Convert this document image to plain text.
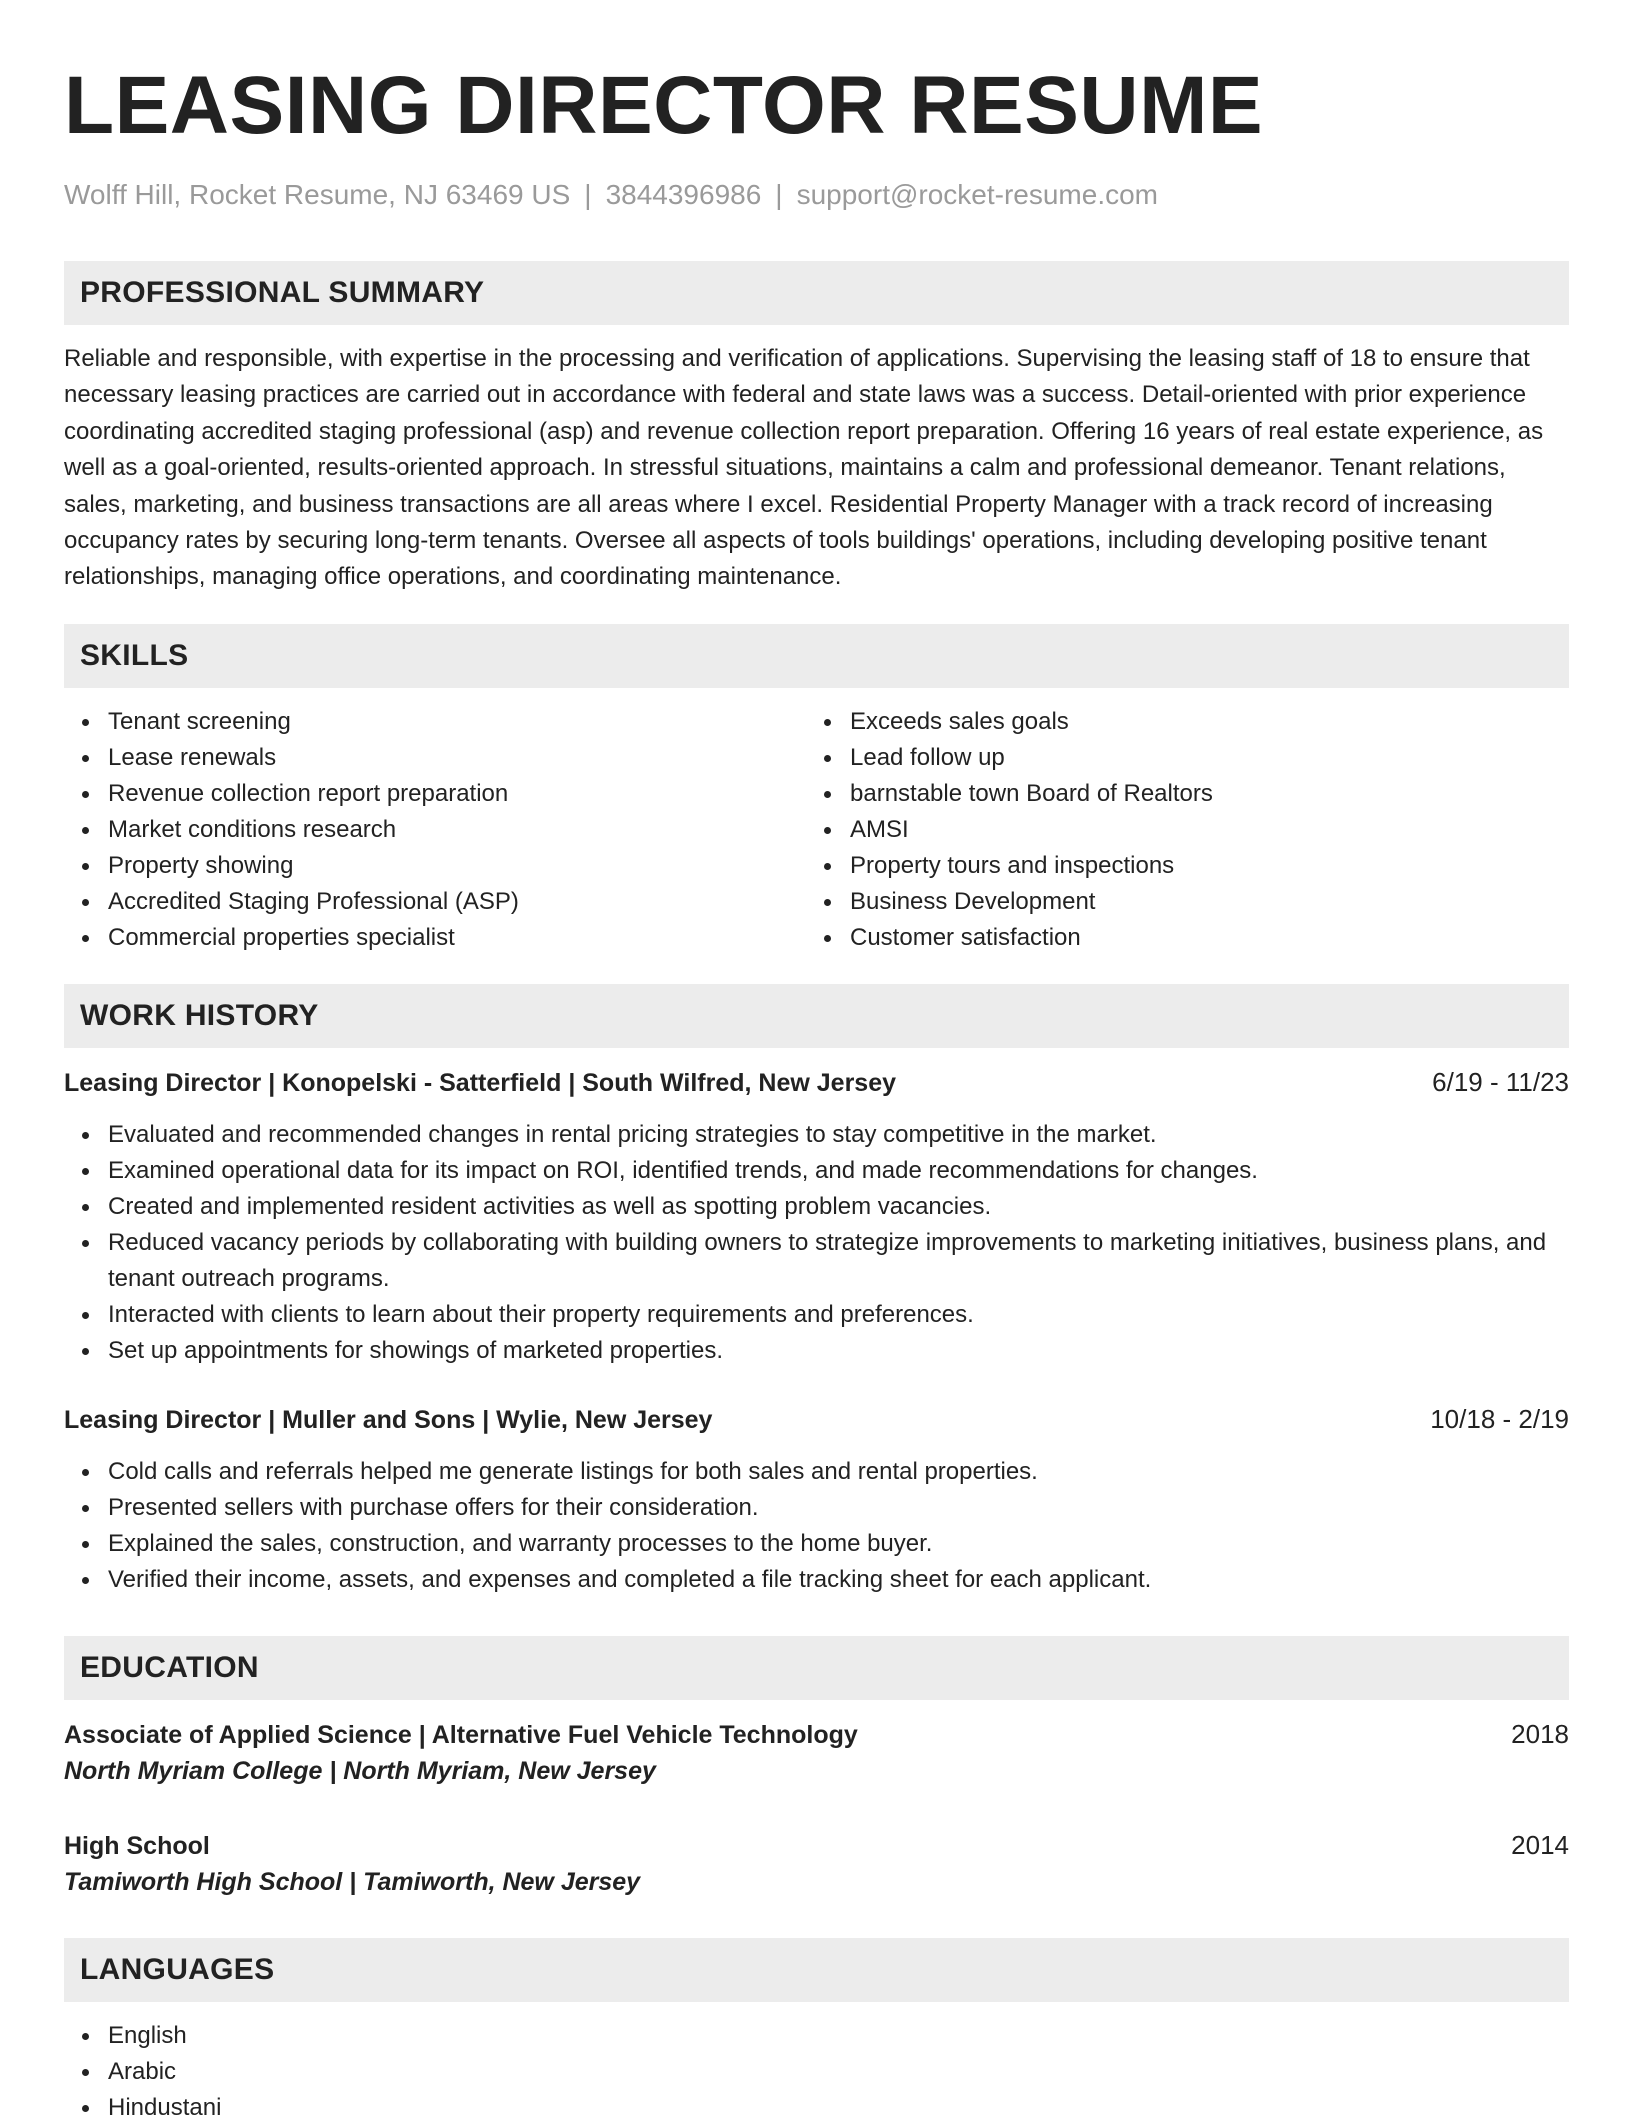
LEASING DIRECTOR RESUME
Wolff Hill, Rocket Resume, NJ 63469 US | 3844396986 | support@rocket-resume.com
PROFESSIONAL SUMMARY

Reliable and responsible, with expertise in the processing and verification of applications. Supervising the leasing staff of 18 to ensure that necessary leasing practices are carried out in accordance with federal and state laws was a success. Detail-oriented with prior experience coordinating accredited staging professional (asp) and revenue collection report preparation. Offering 16 years of real estate experience, as well as a goal-oriented, results-oriented approach. In stressful situations, maintains a calm and professional demeanor. Tenant relations, sales, marketing, and business transactions are all areas where I excel. Residential Property Manager with a track record of increasing occupancy rates by securing long-term tenants. Oversee all aspects of tools buildings' operations, including developing positive tenant relationships, managing office operations, and coordinating maintenance.

SKILLS
Tenant screening
Lease renewals
Revenue collection report preparation
Market conditions research
Property showing
Accredited Staging Professional (ASP)
Commercial properties specialist
Exceeds sales goals
Lead follow up
barnstable town Board of Realtors
AMSI
Property tours and inspections
Business Development
Customer satisfaction
WORK HISTORY
Leasing Director | Konopelski - Satterfield | South Wilfred, New Jersey	6/19 - 11/23
Evaluated and recommended changes in rental pricing strategies to stay competitive in the market.
Examined operational data for its impact on ROI, identified trends, and made recommendations for changes.
Created and implemented resident activities as well as spotting problem vacancies.
Reduced vacancy periods by collaborating with building owners to strategize improvements to marketing initiatives, business plans, and tenant outreach programs.
Interacted with clients to learn about their property requirements and preferences.
Set up appointments for showings of marketed properties.
Leasing Director | Muller and Sons | Wylie, New Jersey	10/18 - 2/19
Cold calls and referrals helped me generate listings for both sales and rental properties.
Presented sellers with purchase offers for their consideration.
Explained the sales, construction, and warranty processes to the home buyer.
Verified their income, assets, and expenses and completed a file tracking sheet for each applicant.
EDUCATION
Associate of Applied Science | Alternative Fuel Vehicle Technology	2018
North Myriam College | North Myriam, New Jersey
High School	2014
Tamiworth High School | Tamiworth, New Jersey
LANGUAGES
English
Arabic
Hindustani
